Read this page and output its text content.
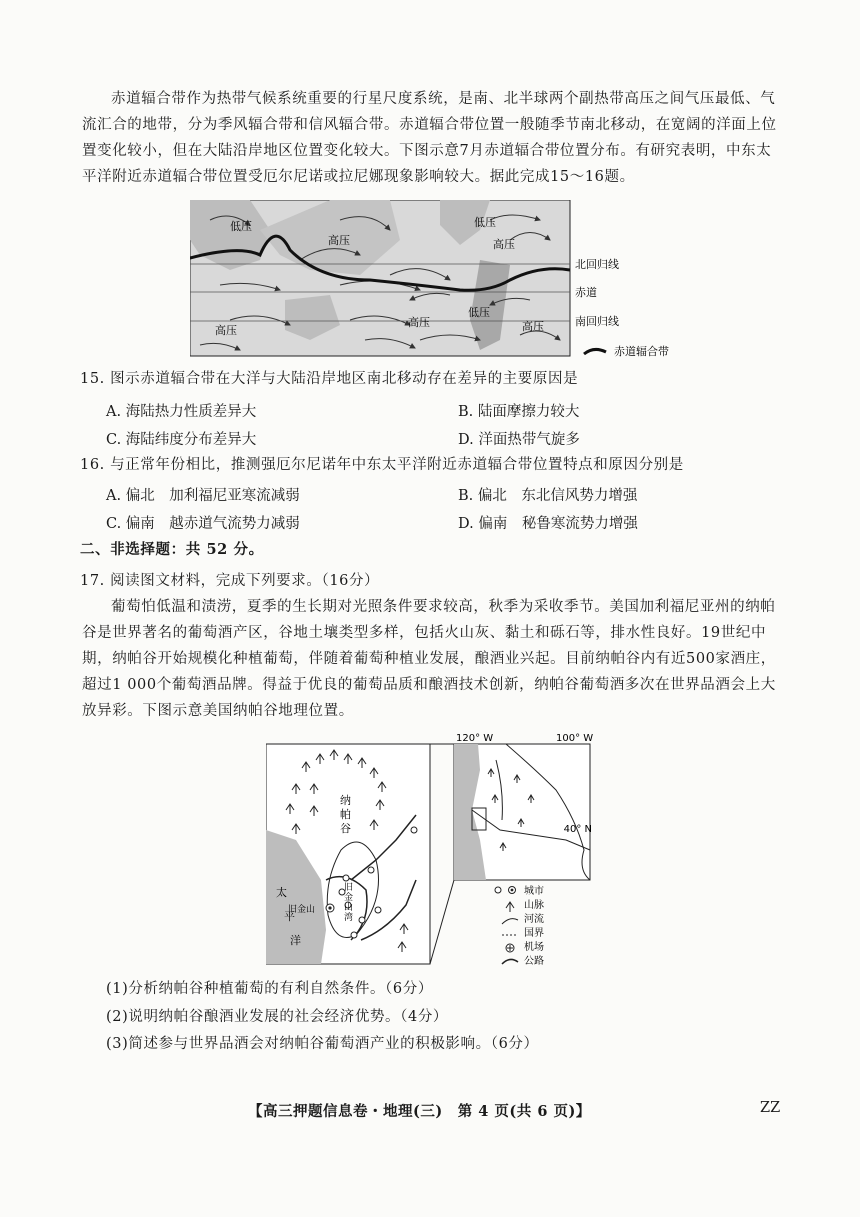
赤道辐合带作为热带气候系统重要的行星尺度系统，是南、北半球两个副热带高压之间气压最低、气流汇合的地带，分为季风辐合带和信风辐合带。赤道辐合带位置一般随季节南北移动，在宽阔的洋面上位置变化较小，但在大陆沿岸地区位置变化较大。下图示意7月赤道辐合带位置分布。有研究表明，中东太平洋附近赤道辐合带位置受厄尔尼诺或拉尼娜现象影响较大。据此完成15～16题。
低压
高压
低压
高压
高压
高压
低压
高压
北回归线
赤道
南回归线
赤道辐合带
15. 图示赤道辐合带在大洋与大陆沿岸地区南北移动存在差异的主要原因是
A. 海陆热力性质差异大	B. 陆面摩擦力较大
C. 海陆纬度分布差异大	D. 洋面热带气旋多
16. 与正常年份相比，推测强厄尔尼诺年中东太平洋附近赤道辐合带位置特点和原因分别是
A. 偏北　加利福尼亚寒流减弱	B. 偏北　东北信风势力增强
C. 偏南　越赤道气流势力减弱	D. 偏南　秘鲁寒流势力增强
二、非选择题：共 52 分。
17. 阅读图文材料，完成下列要求。（16分）
葡萄怕低温和渍涝，夏季的生长期对光照条件要求较高，秋季为采收季节。美国加利福尼亚州的纳帕谷是世界著名的葡萄酒产区，谷地土壤类型多样，包括火山灰、黏土和砾石等，排水性良好。19世纪中期，纳帕谷开始规模化种植葡萄，伴随着葡萄种植业发展，酿酒业兴起。目前纳帕谷内有近500家酒庄，超过1 000个葡萄酒品牌。得益于优良的葡萄品质和酿酒技术创新，纳帕谷葡萄酒多次在世界品酒会上大放异彩。下图示意美国纳帕谷地理位置。
纳
帕
谷
旧金山
旧
金
山
湾
太
平
洋
120° W	100° W
40° N
城市
山脉
河流
国界
机场
公路
(1)分析纳帕谷种植葡萄的有利自然条件。（6分）
(2)说明纳帕谷酿酒业发展的社会经济优势。（4分）
(3)简述参与世界品酒会对纳帕谷葡萄酒产业的积极影响。（6分）
【高三押题信息卷・地理(三)　第 4 页(共 6 页)】	ZZ
